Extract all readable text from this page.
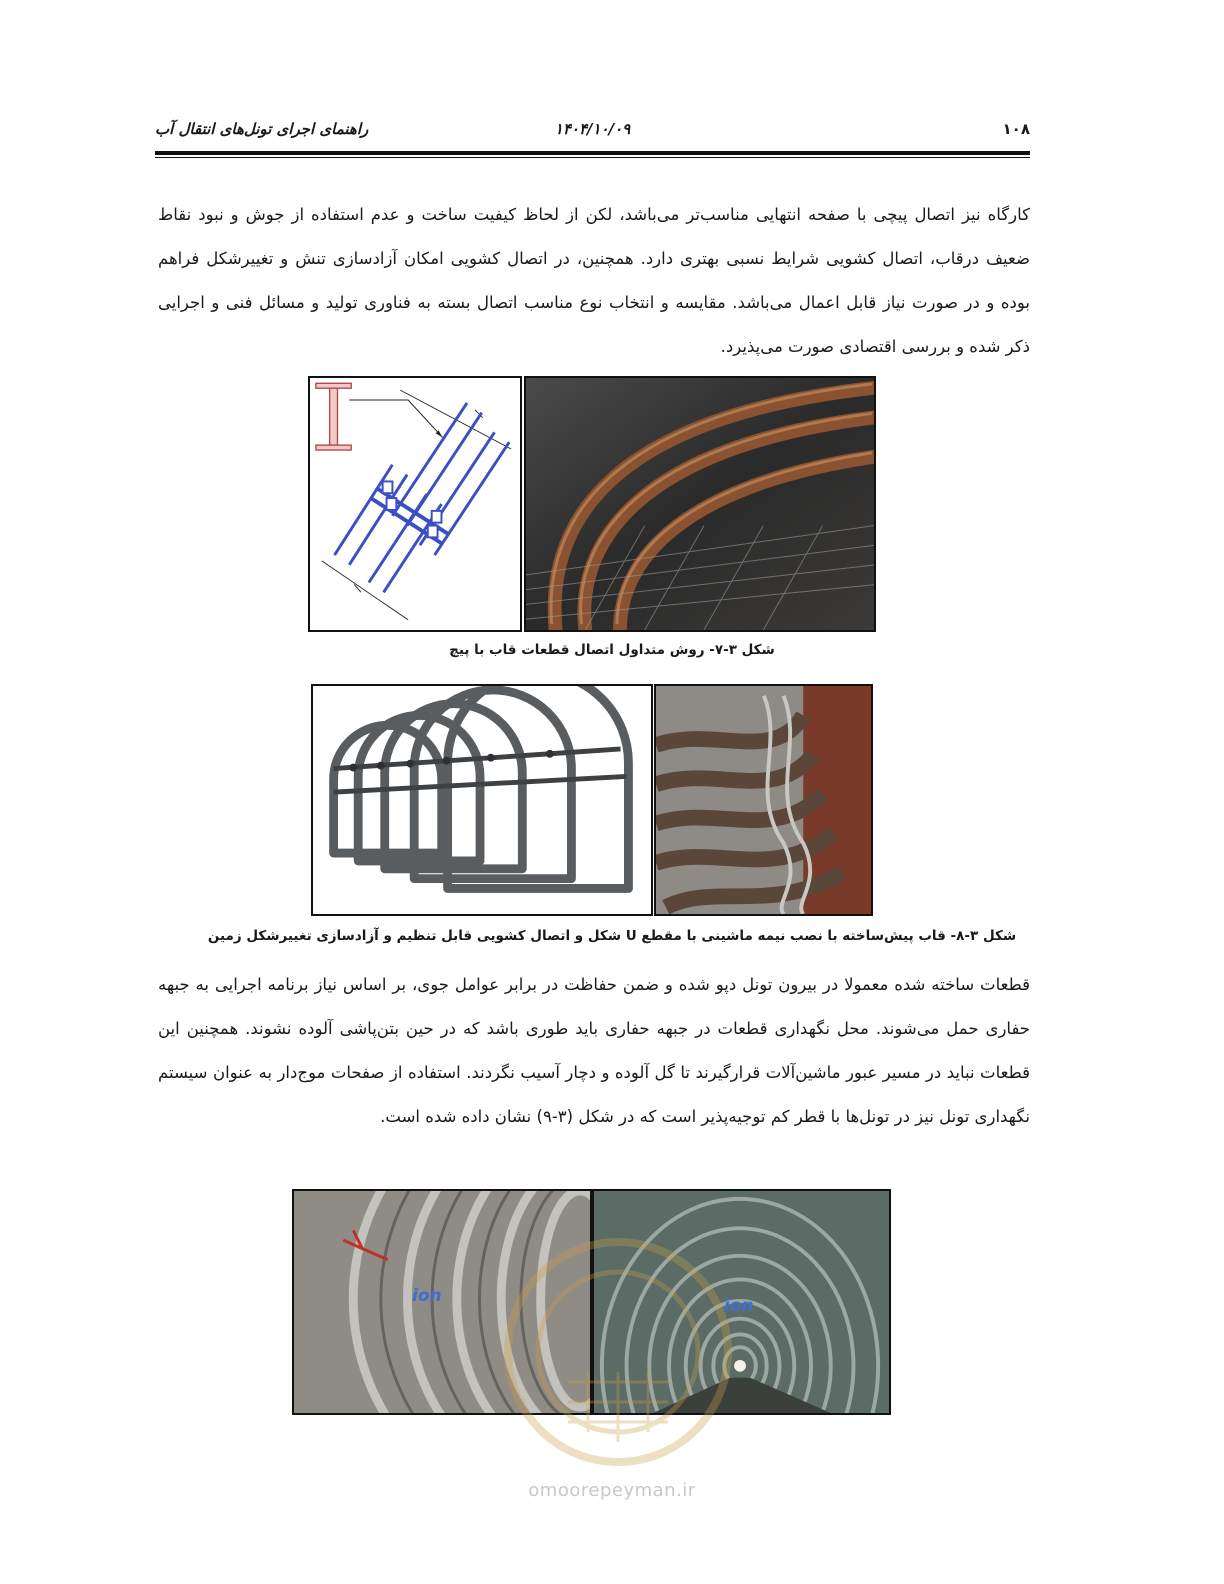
۱۰۸
۱۴۰۴/۱۰/۰۹
راهنمای اجرای تونل‌های انتقال آب

کارگاه نیز اتصال پیچی با صفحه انتهایی مناسب‌تر می‌باشد، لکن از لحاظ کیفیت ساخت و عدم استفاده از جوش و نبود نقاط ضعیف درقاب، اتصال کشویی شرایط نسبی بهتری دارد. همچنین، در اتصال کشویی امکان آزادسازی تنش و تغییرشکل فراهم بوده و در صورت نیاز قابل اعمال می‌باشد. مقایسه و انتخاب نوع مناسب اتصال بسته به فناوری تولید و مسائل فنی و اجرایی ذکر شده و بررسی اقتصادی صورت می‌پذیرد.

شکل ۳-۷- روش متداول اتصال قطعات قاب با پیچ
شکل ۳-۸- قاب پیش‌ساخته با نصب نیمه ماشینی با مقطع U شکل و اتصال کشویی قابل تنظیم و آزادسازی تغییرشکل زمین

قطعات ساخته شده معمولا در بیرون تونل دپو شده و ضمن حفاظت در برابر عوامل جوی، بر اساس نیاز برنامه اجرایی به جبهه حفاری حمل می‌شوند. محل نگهداری قطعات در جبهه حفاری باید طوری باشد که در حین بتن‌پاشی آلوده نشوند. همچنین این قطعات نباید در مسیر عبور ماشین‌آلات قرارگیرند تا گل آلوده و دچار آسیب نگردند. استفاده از صفحات موج‌دار به عنوان سیستم نگهداری تونل نیز در تونل‌ها با قطر کم توجیه‌پذیر است که در شکل (۳-۹) نشان داده شده است.

ion	ion
omoorepeyman.ir
